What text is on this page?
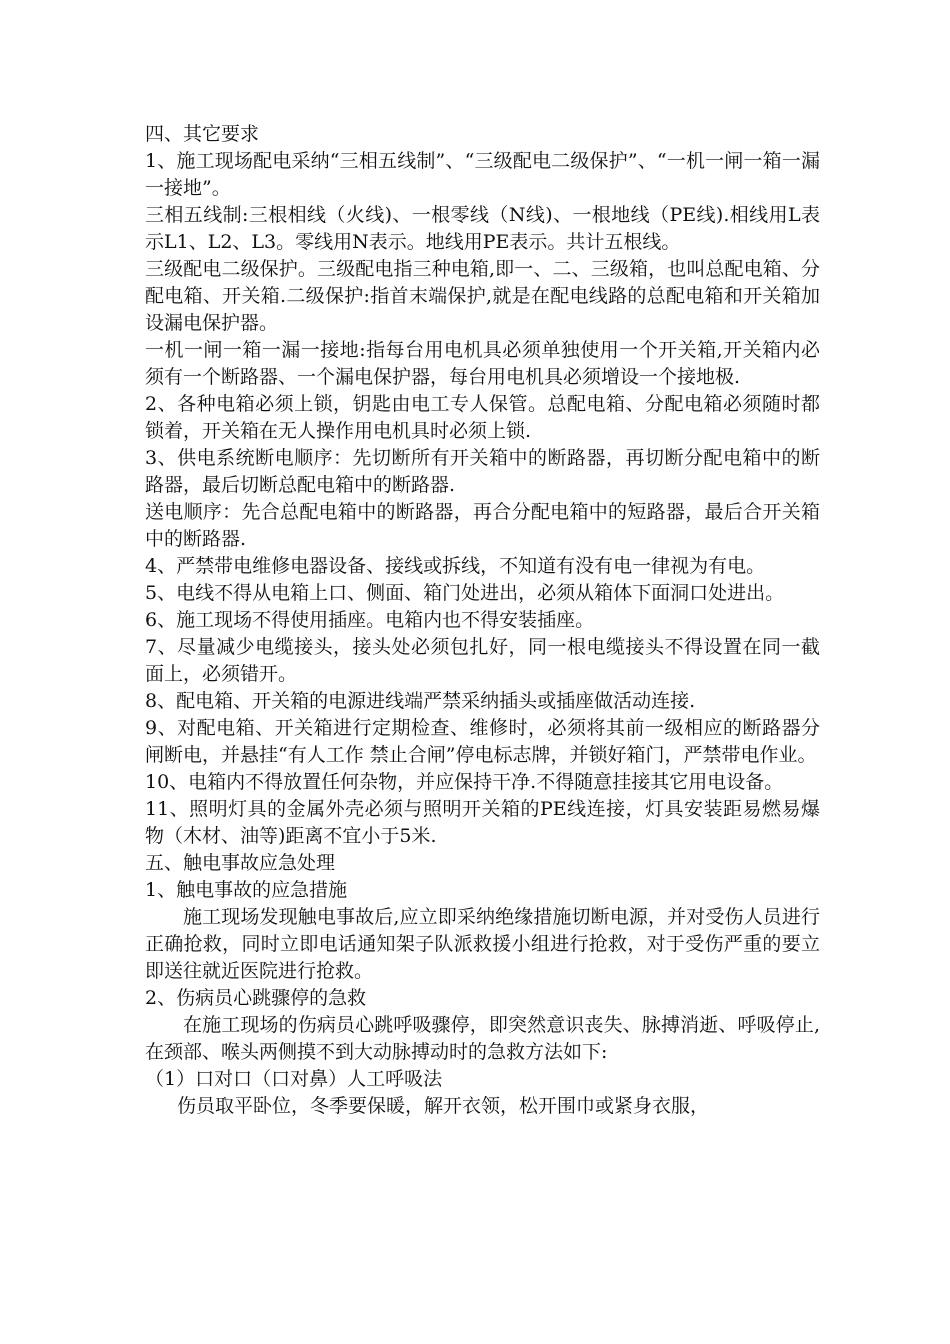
四、其它要求

1、施工现场配电采纳“三相五线制”、“三级配电二级保护”、“一机一闸一箱一漏一接地”。

三相五线制:三根相线（火线)、一根零线（N线)、一根地线（PE线).相线用L表示L1、L2、L3。零线用N表示。地线用PE表示。共计五根线。

三级配电二级保护。三级配电指三种电箱,即一、二、三级箱，也叫总配电箱、分配电箱、开关箱.二级保护:指首末端保护,就是在配电线路的总配电箱和开关箱加设漏电保护器。

一机一闸一箱一漏一接地:指每台用电机具必须单独使用一个开关箱,开关箱内必须有一个断路器、一个漏电保护器，每台用电机具必须增设一个接地极.

2、各种电箱必须上锁，钥匙由电工专人保管。总配电箱、分配电箱必须随时都锁着，开关箱在无人操作用电机具时必须上锁.

3、供电系统断电顺序：先切断所有开关箱中的断路器，再切断分配电箱中的断路器，最后切断总配电箱中的断路器.

送电顺序：先合总配电箱中的断路器，再合分配电箱中的短路器，最后合开关箱中的断路器.

4、严禁带电维修电器设备、接线或拆线，不知道有没有电一律视为有电。

5、电线不得从电箱上口、侧面、箱门处进出，必须从箱体下面洞口处进出。

6、施工现场不得使用插座。电箱内也不得安装插座。

7、尽量减少电缆接头，接头处必须包扎好，同一根电缆接头不得设置在同一截面上，必须错开。

8、配电箱、开关箱的电源进线端严禁采纳插头或插座做活动连接.

9、对配电箱、开关箱进行定期检查、维修时，必须将其前一级相应的断路器分闸断电，并悬挂“有人工作 禁止合闸”停电标志牌，并锁好箱门，严禁带电作业。

10、电箱内不得放置任何杂物，并应保持干净.不得随意挂接其它用电设备。

11、照明灯具的金属外壳必须与照明开关箱的PE线连接，灯具安装距易燃易爆物（木材、油等)距离不宜小于5米.

五、触电事故应急处理

1、触电事故的应急措施

施工现场发现触电事故后,应立即采纳绝缘措施切断电源，并对受伤人员进行正确抢救，同时立即电话通知架子队派救援小组进行抢救，对于受伤严重的要立即送往就近医院进行抢救。

2、伤病员心跳骤停的急救

在施工现场的伤病员心跳呼吸骤停，即突然意识丧失、脉搏消逝、呼吸停止,在颈部、喉头两侧摸不到大动脉搏动时的急救方法如下:

（1）口对口（口对鼻）人工呼吸法

伤员取平卧位，冬季要保暖，解开衣领，松开围巾或紧身衣服，
